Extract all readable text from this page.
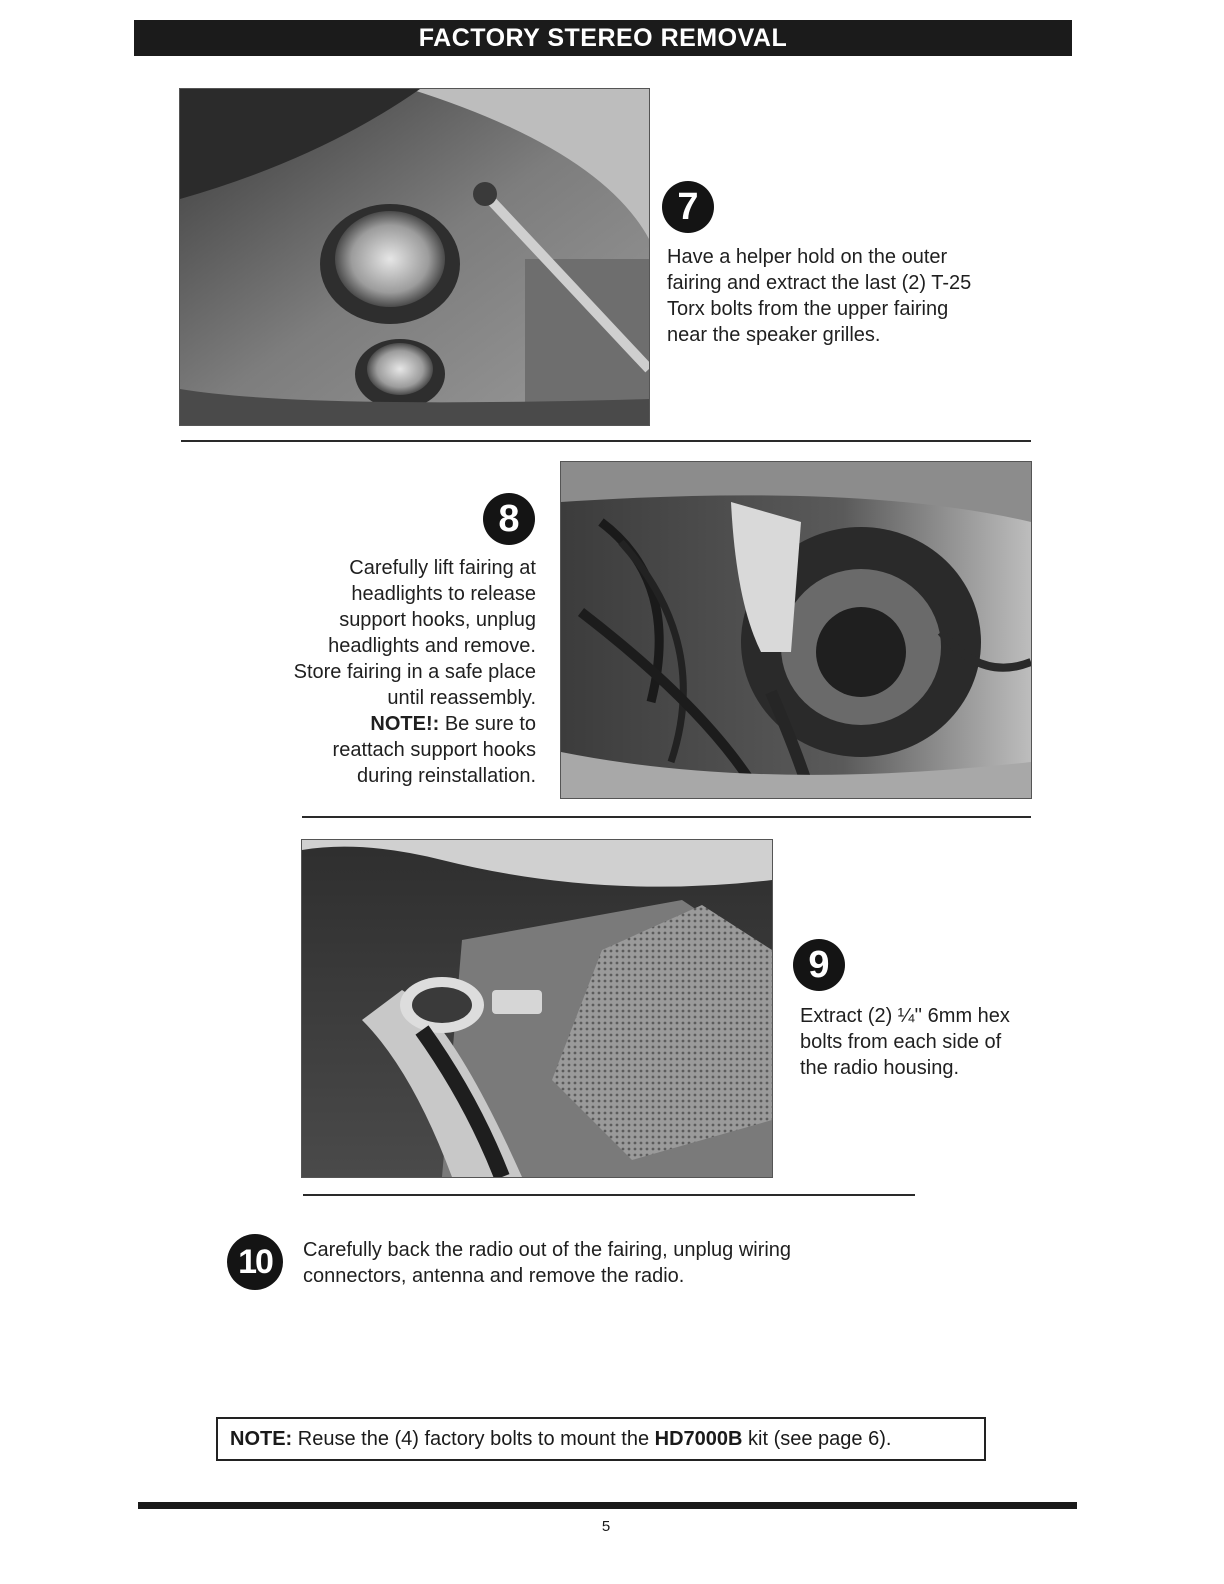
FACTORY STEREO REMOVAL
7
Have a helper hold on the outer
fairing and extract the last (2) T-25
Torx bolts from the upper fairing
near the speaker grilles.
8
Carefully lift fairing at
headlights to release
support hooks, unplug
headlights and remove.
Store fairing in a safe place
until reassembly.
NOTE!: Be sure to
reattach support hooks
during reinstallation.
9
Extract (2) ¼'' 6mm hex
bolts from each side of
the radio housing.
10 Carefully back the radio out of the fairing, unplug wiring
connectors, antenna and remove the radio.
NOTE: Reuse the (4) factory bolts to mount the HD7000B kit (see page 6).
5
